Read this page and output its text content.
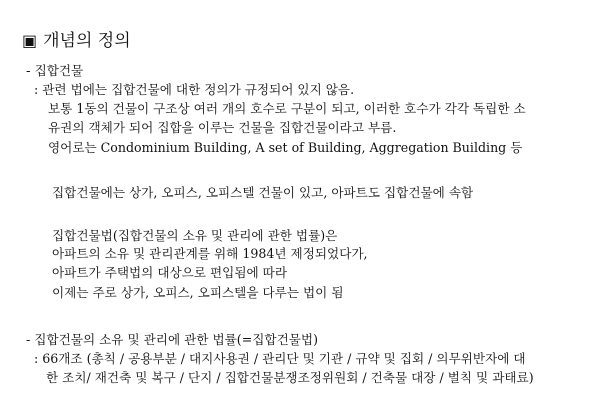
▣ 개념의 정의
- 집합건물
: 관련 법에는 집합건물에 대한 정의가 규정되어 있지 않음.
보통 1동의 건물이 구조상 여러 개의 호수로 구분이 되고, 이러한 호수가 각각 독립한 소
유권의 객체가 되어 집합을 이루는 건물을 집합건물이라고 부름.
영어로는 Condominium Building, A set of Building, Aggregation Building 등
집합건물에는 상가, 오피스, 오피스텔 건물이 있고, 아파트도 집합건물에 속함
집합건물법(집합건물의 소유 및 관리에 관한 법률)은
아파트의 소유 및 관리관계를 위해 1984년 제정되었다가,
아파트가 주택법의 대상으로 편입됨에 따라
이제는 주로 상가, 오피스, 오피스텔을 다루는 법이 됨
- 집합건물의 소유 및 관리에 관한 법률(=집합건물법)
: 66개조 (총칙 / 공용부분 / 대지사용권 / 관리단 및 기관 / 규약 및 집회 / 의무위반자에 대
한 조치/ 재건축 및 복구 / 단지 / 집합건물분쟁조정위원회 / 건축물 대장 / 벌칙 및 과태료)
